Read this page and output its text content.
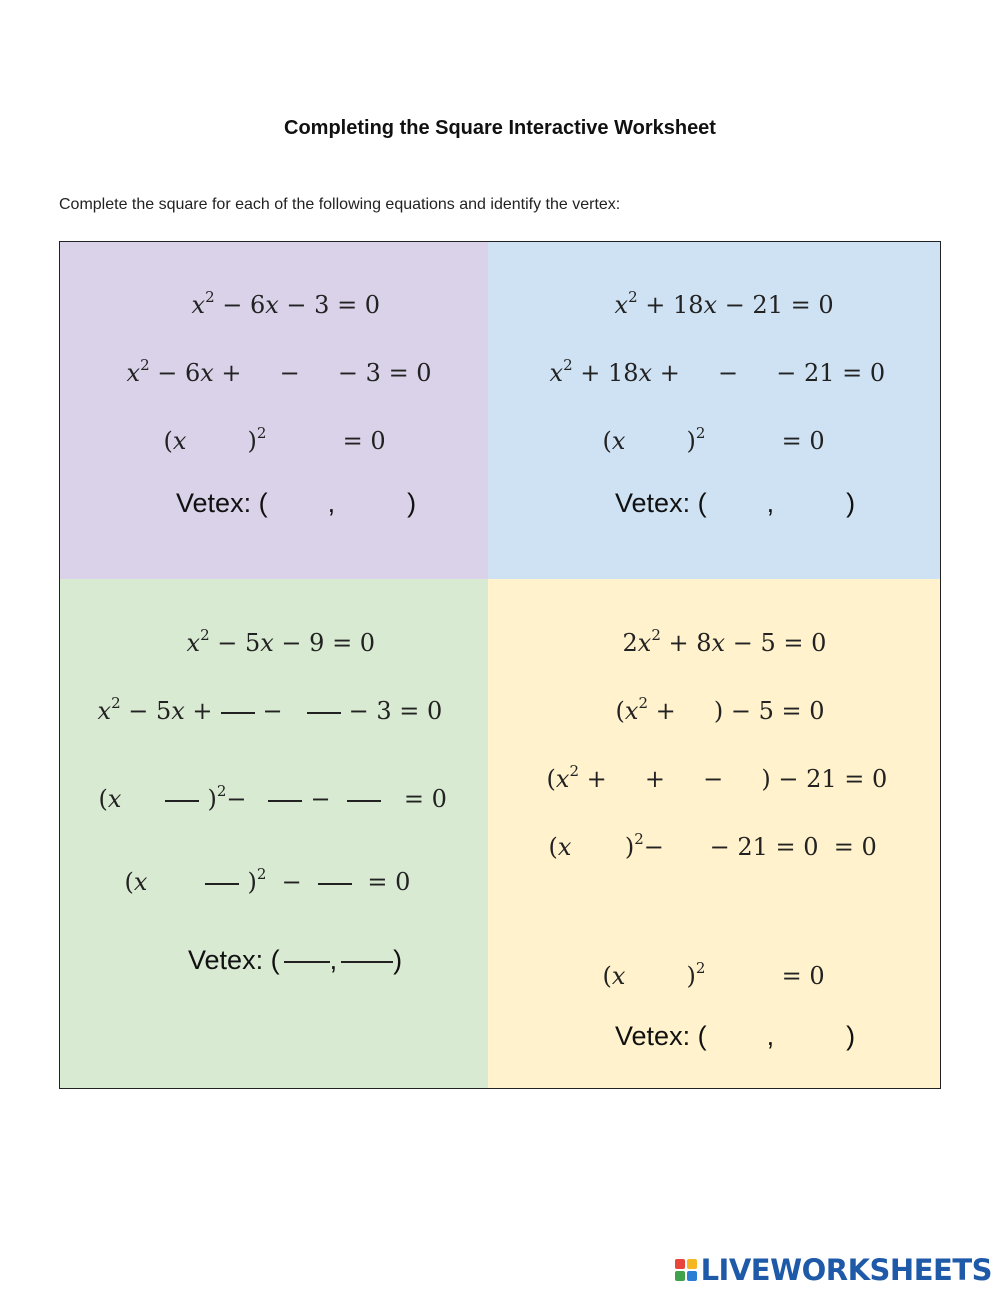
Completing the Square Interactive Worksheet
Complete the square for each of the following equations and identify the vertex:

$x^2 - 6x - 3 = 0$

$x^2 - 6x$ +     −     − 3 = 0

(x        )$^2$	= 0

Vetex: ( ,	)

$x^2 + 18x - 21 = 0$

$x^2 + 18x$ +     −     − 21 = 0

(x        )$^2$	= 0

Vetex: ( ,	)

$x^2 - 5x - 9 = 0$

$x^2 - 5x$ + −	− 3 = 0

(x	)$^2$−	−	= 0

(x	)$^2$  −	= 0

Vetex: ( , )

$2x^2 + 8x - 5 = 0$

($x^2$ +     ) − 5 = 0

($x^2$ +     +     −     ) − 21 = 0

(x       )$^2$−      − 21 = 0  = 0

(x        )$^2$	= 0

Vetex: ( ,	)

LIVEWORKSHEETS
